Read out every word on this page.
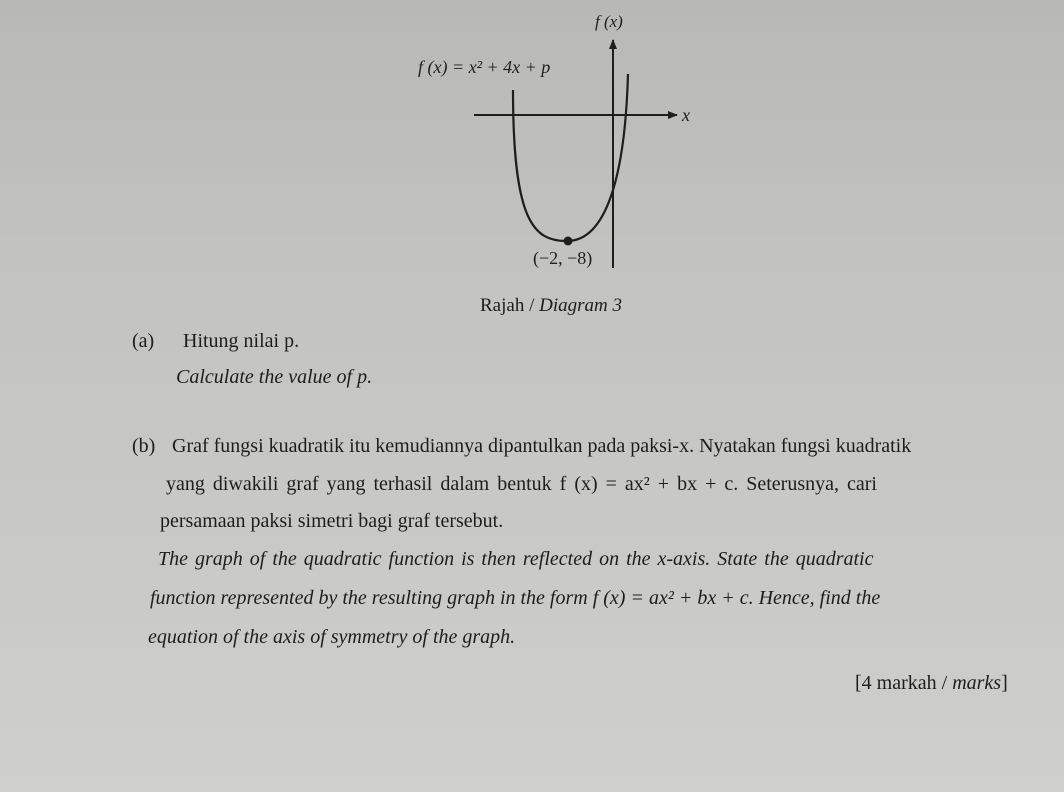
f (x)
x
f (x) = x² + 4x + p
(−2, −8)
Rajah / Diagram 3
(a) Hitung nilai p.
Calculate the value of p.
(b) Graf fungsi kuadratik itu kemudiannya dipantulkan pada paksi-x. Nyatakan fungsi kuadratik
yang diwakili graf yang terhasil dalam bentuk f (x) = ax² + bx + c. Seterusnya, cari
persamaan paksi simetri bagi graf tersebut.
The graph of the quadratic function is then reflected on the x-axis. State the quadratic
function represented by the resulting graph in the form f (x) = ax² + bx + c. Hence, find the
equation of the axis of symmetry of the graph.
[4 markah / marks]
